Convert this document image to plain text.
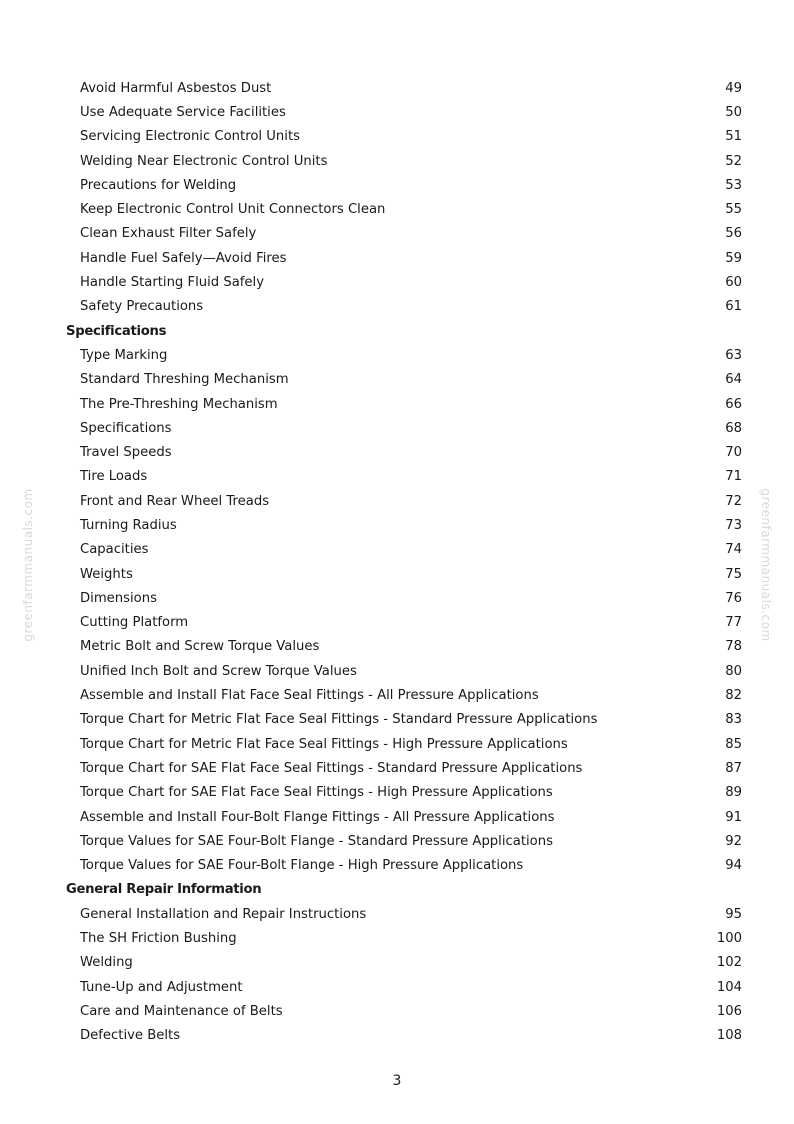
Avoid Harmful Asbestos Dust	49
Use Adequate Service Facilities	50
Servicing Electronic Control Units	51
Welding Near Electronic Control Units	52
Precautions for Welding	53
Keep Electronic Control Unit Connectors Clean	55
Clean Exhaust Filter Safely	56
Handle Fuel Safely—Avoid Fires	59
Handle Starting Fluid Safely	60
Safety Precautions	61
Specifications
Type Marking	63
Standard Threshing Mechanism	64
The Pre-Threshing Mechanism	66
Specifications	68
Travel Speeds	70
Tire Loads	71
Front and Rear Wheel Treads	72
Turning Radius	73
Capacities	74
Weights	75
Dimensions	76
Cutting Platform	77
Metric Bolt and Screw Torque Values	78
Unified Inch Bolt and Screw Torque Values	80
Assemble and Install Flat Face Seal Fittings - All Pressure Applications	82
Torque Chart for Metric Flat Face Seal Fittings - Standard Pressure Applications	83
Torque Chart for Metric Flat Face Seal Fittings - High Pressure Applications	85
Torque Chart for SAE Flat Face Seal Fittings - Standard Pressure Applications	87
Torque Chart for SAE Flat Face Seal Fittings - High Pressure Applications	89
Assemble and Install Four-Bolt Flange Fittings - All Pressure Applications	91
Torque Values for SAE Four-Bolt Flange - Standard Pressure Applications	92
Torque Values for SAE Four-Bolt Flange - High Pressure Applications	94
General Repair Information
General Installation and Repair Instructions	95
The SH Friction Bushing	100
Welding	102
Tune-Up and Adjustment	104
Care and Maintenance of Belts	106
Defective Belts	108
3
greenfarmmanuals.com	greenfarmmanuals.com
